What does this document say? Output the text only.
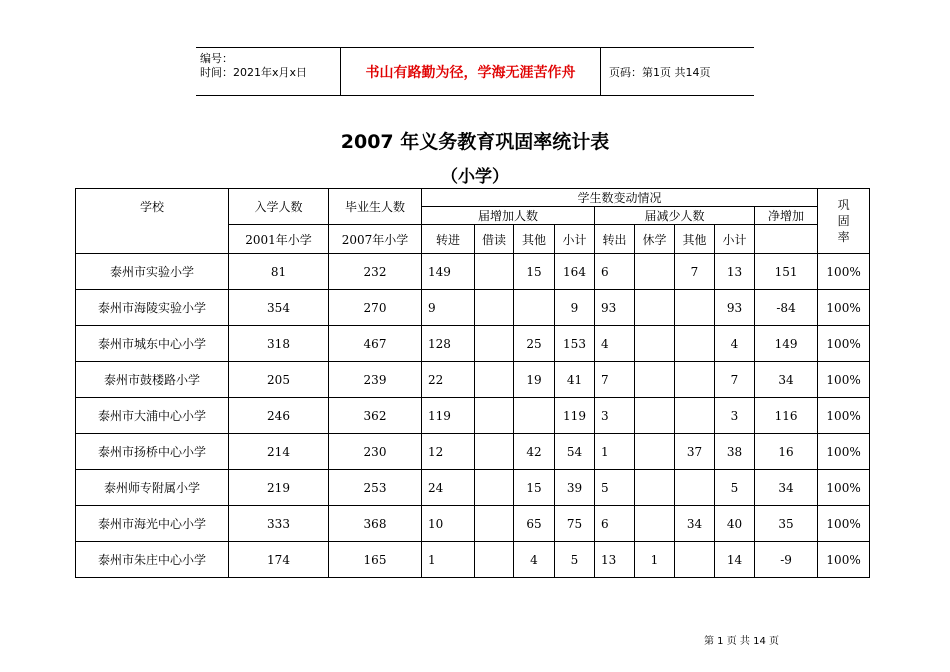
编号：
时间：2021年x月x日	书山有路勤为径，学海无涯苦作舟	页码：第1页 共14页
2007 年义务教育巩固率统计表
（小学）
学校	入学人数	毕业生人数	学生数变动情况									巩固率
			届增加人数				届减少人数				净增加	
	2001年小学	2007年小学	转进	借读	其他	小计	转出	休学	其他	小计		
泰州市实验小学	81	232	149		15	164	6		7	13	151	100%
泰州市海陵实验小学	354	270	9			9	93			93	-84	100%
泰州市城东中心小学	318	467	128		25	153	4			4	149	100%
泰州市鼓楼路小学	205	239	22		19	41	7			7	34	100%
泰州市大浦中心小学	246	362	119			119	3			3	116	100%
泰州市扬桥中心小学	214	230	12		42	54	1		37	38	16	100%
泰州师专附属小学	219	253	24		15	39	5			5	34	100%
泰州市海光中心小学	333	368	10		65	75	6		34	40	35	100%
泰州市朱庄中心小学	174	165	1		4	5	13	1		14	-9	100%
第 1 页 共 14 页
